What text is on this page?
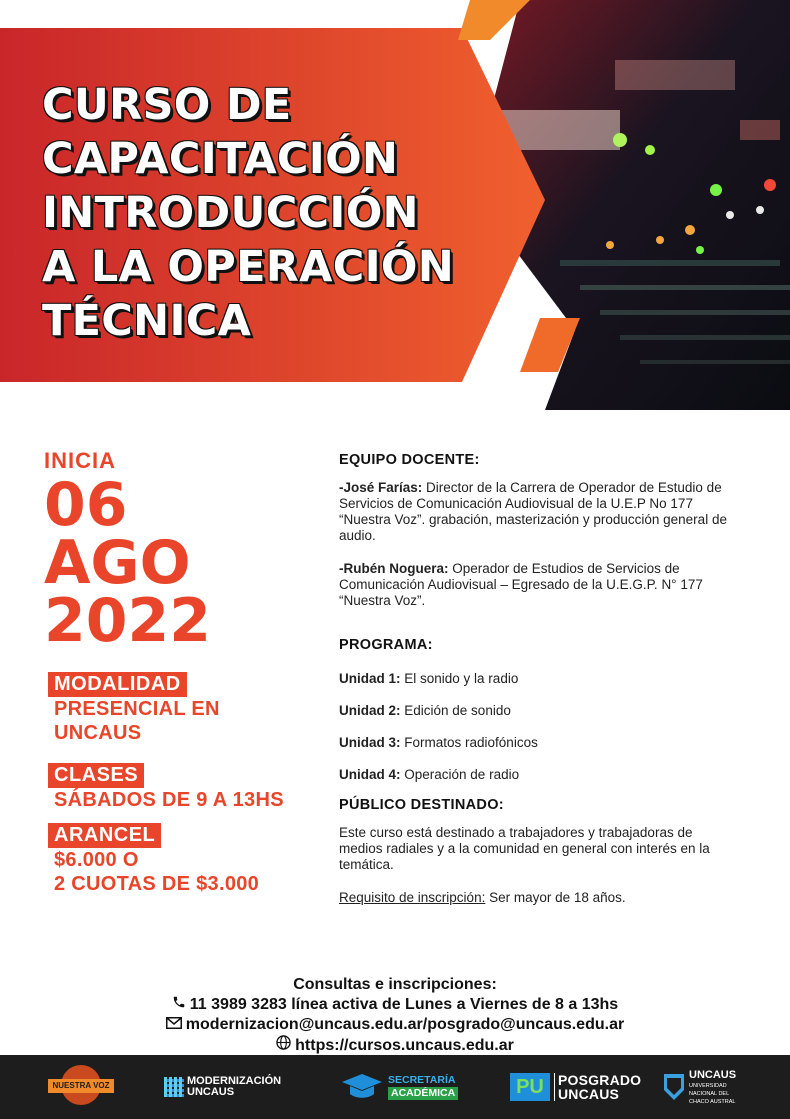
CURSO DE
CAPACITACIÓN
INTRODUCCIÓN
A LA OPERACIÓN
TÉCNICA

INICIA

06
AGO
2022
MODALIDAD
PRESENCIAL EN
UNCAUS
CLASES
SÁBADOS DE 9 A 13HS
ARANCEL
$6.000 O
2 CUOTAS DE $3.000
EQUIPO DOCENTE:

-José Farías: Director de la Carrera de Operador de Estudio de Servicios de Comunicación Audiovisual de la U.E.P No 177 “Nuestra Voz”. grabación, masterización y producción general de audio.

-Rubén Noguera: Operador de Estudios de Servicios de Comunicación Audiovisual – Egresado de la U.E.G.P. N° 177 “Nuestra Voz”.

PROGRAMA:

Unidad 1: El sonido y la radio

Unidad 2: Edición de sonido

Unidad 3: Formatos radiofónicos

Unidad 4: Operación de radio

PÚBLICO DESTINADO:

Este curso está destinado a trabajadores y trabajadoras de medios radiales y a la comunidad en general con interés en la temática.

Requisito de inscripción: Ser mayor de 18 años.

Consultas e inscripciones:
11 3989 3283 línea activa de Lunes a Viernes de 8 a 13hs
modernizacion@uncaus.edu.ar/posgrado@uncaus.edu.ar
https://cursos.uncaus.edu.ar
NUESTRA VOZ	MODERNIZACIÓN
UNCAUS
SECRETARÍA
ACADÉMICA	PU	POSGRADO
UNCAUS
UNCAUS
UNIVERSIDAD
NACIONAL DEL
CHACO AUSTRAL
